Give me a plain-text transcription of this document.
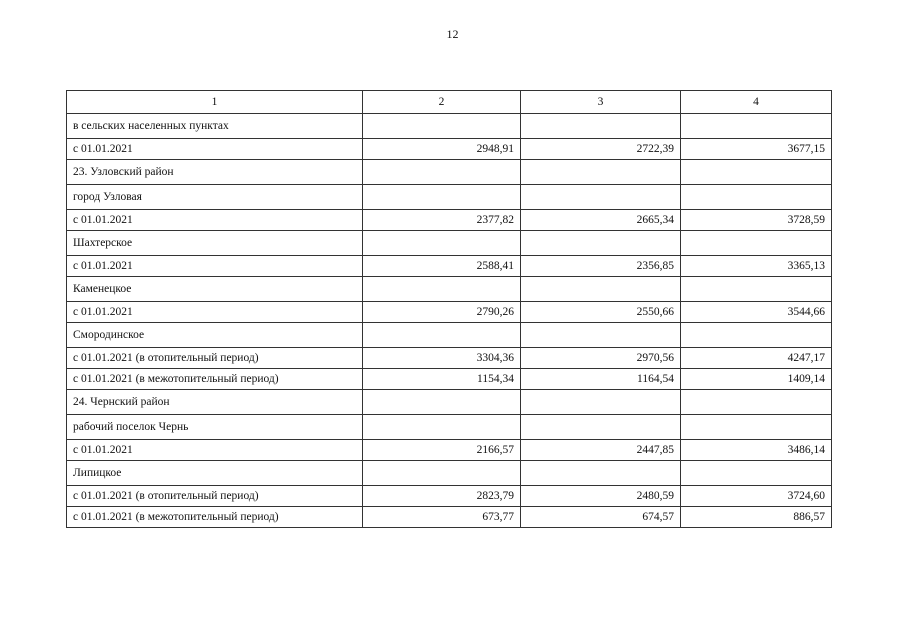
12
1	2	3	4
в сельских населенных пунктах			
с 01.01.2021	2948,91	2722,39	3677,15
23. Узловский район			
город Узловая			
с 01.01.2021	2377,82	2665,34	3728,59
Шахтерское			
с 01.01.2021	2588,41	2356,85	3365,13
Каменецкое			
с 01.01.2021	2790,26	2550,66	3544,66
Смородинское			
с 01.01.2021 (в отопительный период)	3304,36	2970,56	4247,17
с 01.01.2021 (в межотопительный период)	1154,34	1164,54	1409,14
24. Чернский район			
рабочий поселок Чернь			
с 01.01.2021	2166,57	2447,85	3486,14
Липицкое			
с 01.01.2021 (в отопительный период)	2823,79	2480,59	3724,60
с 01.01.2021 (в межотопительный период)	673,77	674,57	886,57
